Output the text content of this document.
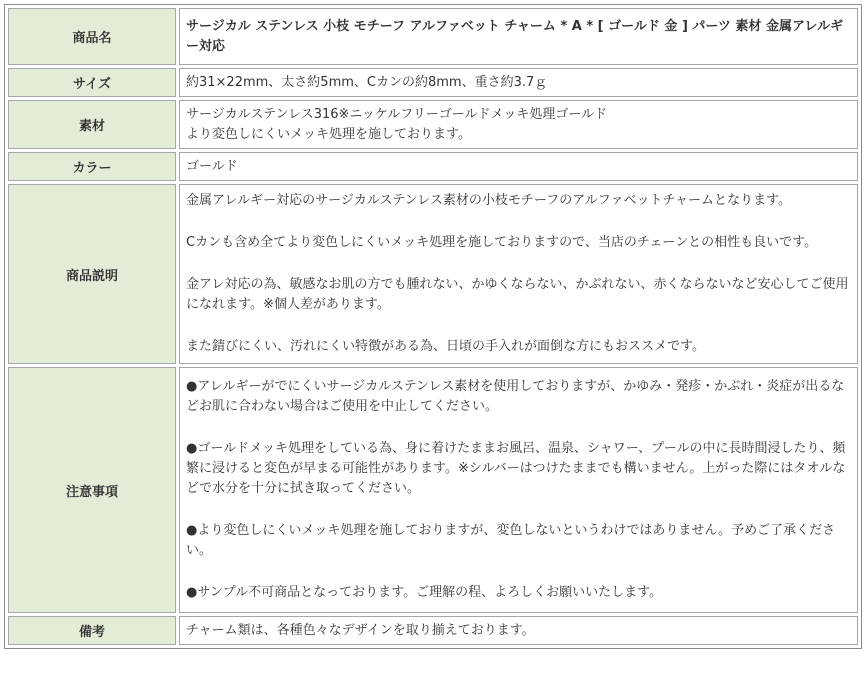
商品名	サージカル ステンレス 小枝 モチーフ アルファベット チャーム * A * [ ゴールド 金 ] パーツ 素材 金属アレルギー対応
サイズ	約31×22mm、太さ約5mm、Cカンの約8mm、重さ約3.7ｇ
素材	サージカルステンレス316※ニッケルフリーゴールドメッキ処理ゴールド

より変色しにくいメッキ処理を施しております。

カラー	ゴールド
商品説明	金属アレルギー対応のサージカルステンレス素材の小枝モチーフのアルファベットチャームとなります。

Cカンも含め全てより変色しにくいメッキ処理を施しておりますので、当店のチェーンとの相性も良いです。

金アレ対応の為、敏感なお肌の方でも腫れない、かゆくならない、かぶれない、赤くならないなど安心してご使用になれます。※個人差があります。

また錆びにくい、汚れにくい特徴がある為、日頃の手入れが面倒な方にもおススメです。

注意事項	●アレルギーがでにくいサージカルステンレス素材を使用しておりますが、かゆみ・発疹・かぶれ・炎症が出るなどお肌に合わない場合はご使用を中止してください。

●ゴールドメッキ処理をしている為、身に着けたままお風呂、温泉、シャワー、プールの中に長時間浸したり、頻繁に浸けると変色が早まる可能性があります。※シルバーはつけたままでも構いません。上がった際にはタオルなどで水分を十分に拭き取ってください。

●より変色しにくいメッキ処理を施しておりますが、変色しないというわけではありません。予めご了承ください。

●サンプル不可商品となっております。ご理解の程、よろしくお願いいたします。

備考	チャーム類は、各種色々なデザインを取り揃えております。
